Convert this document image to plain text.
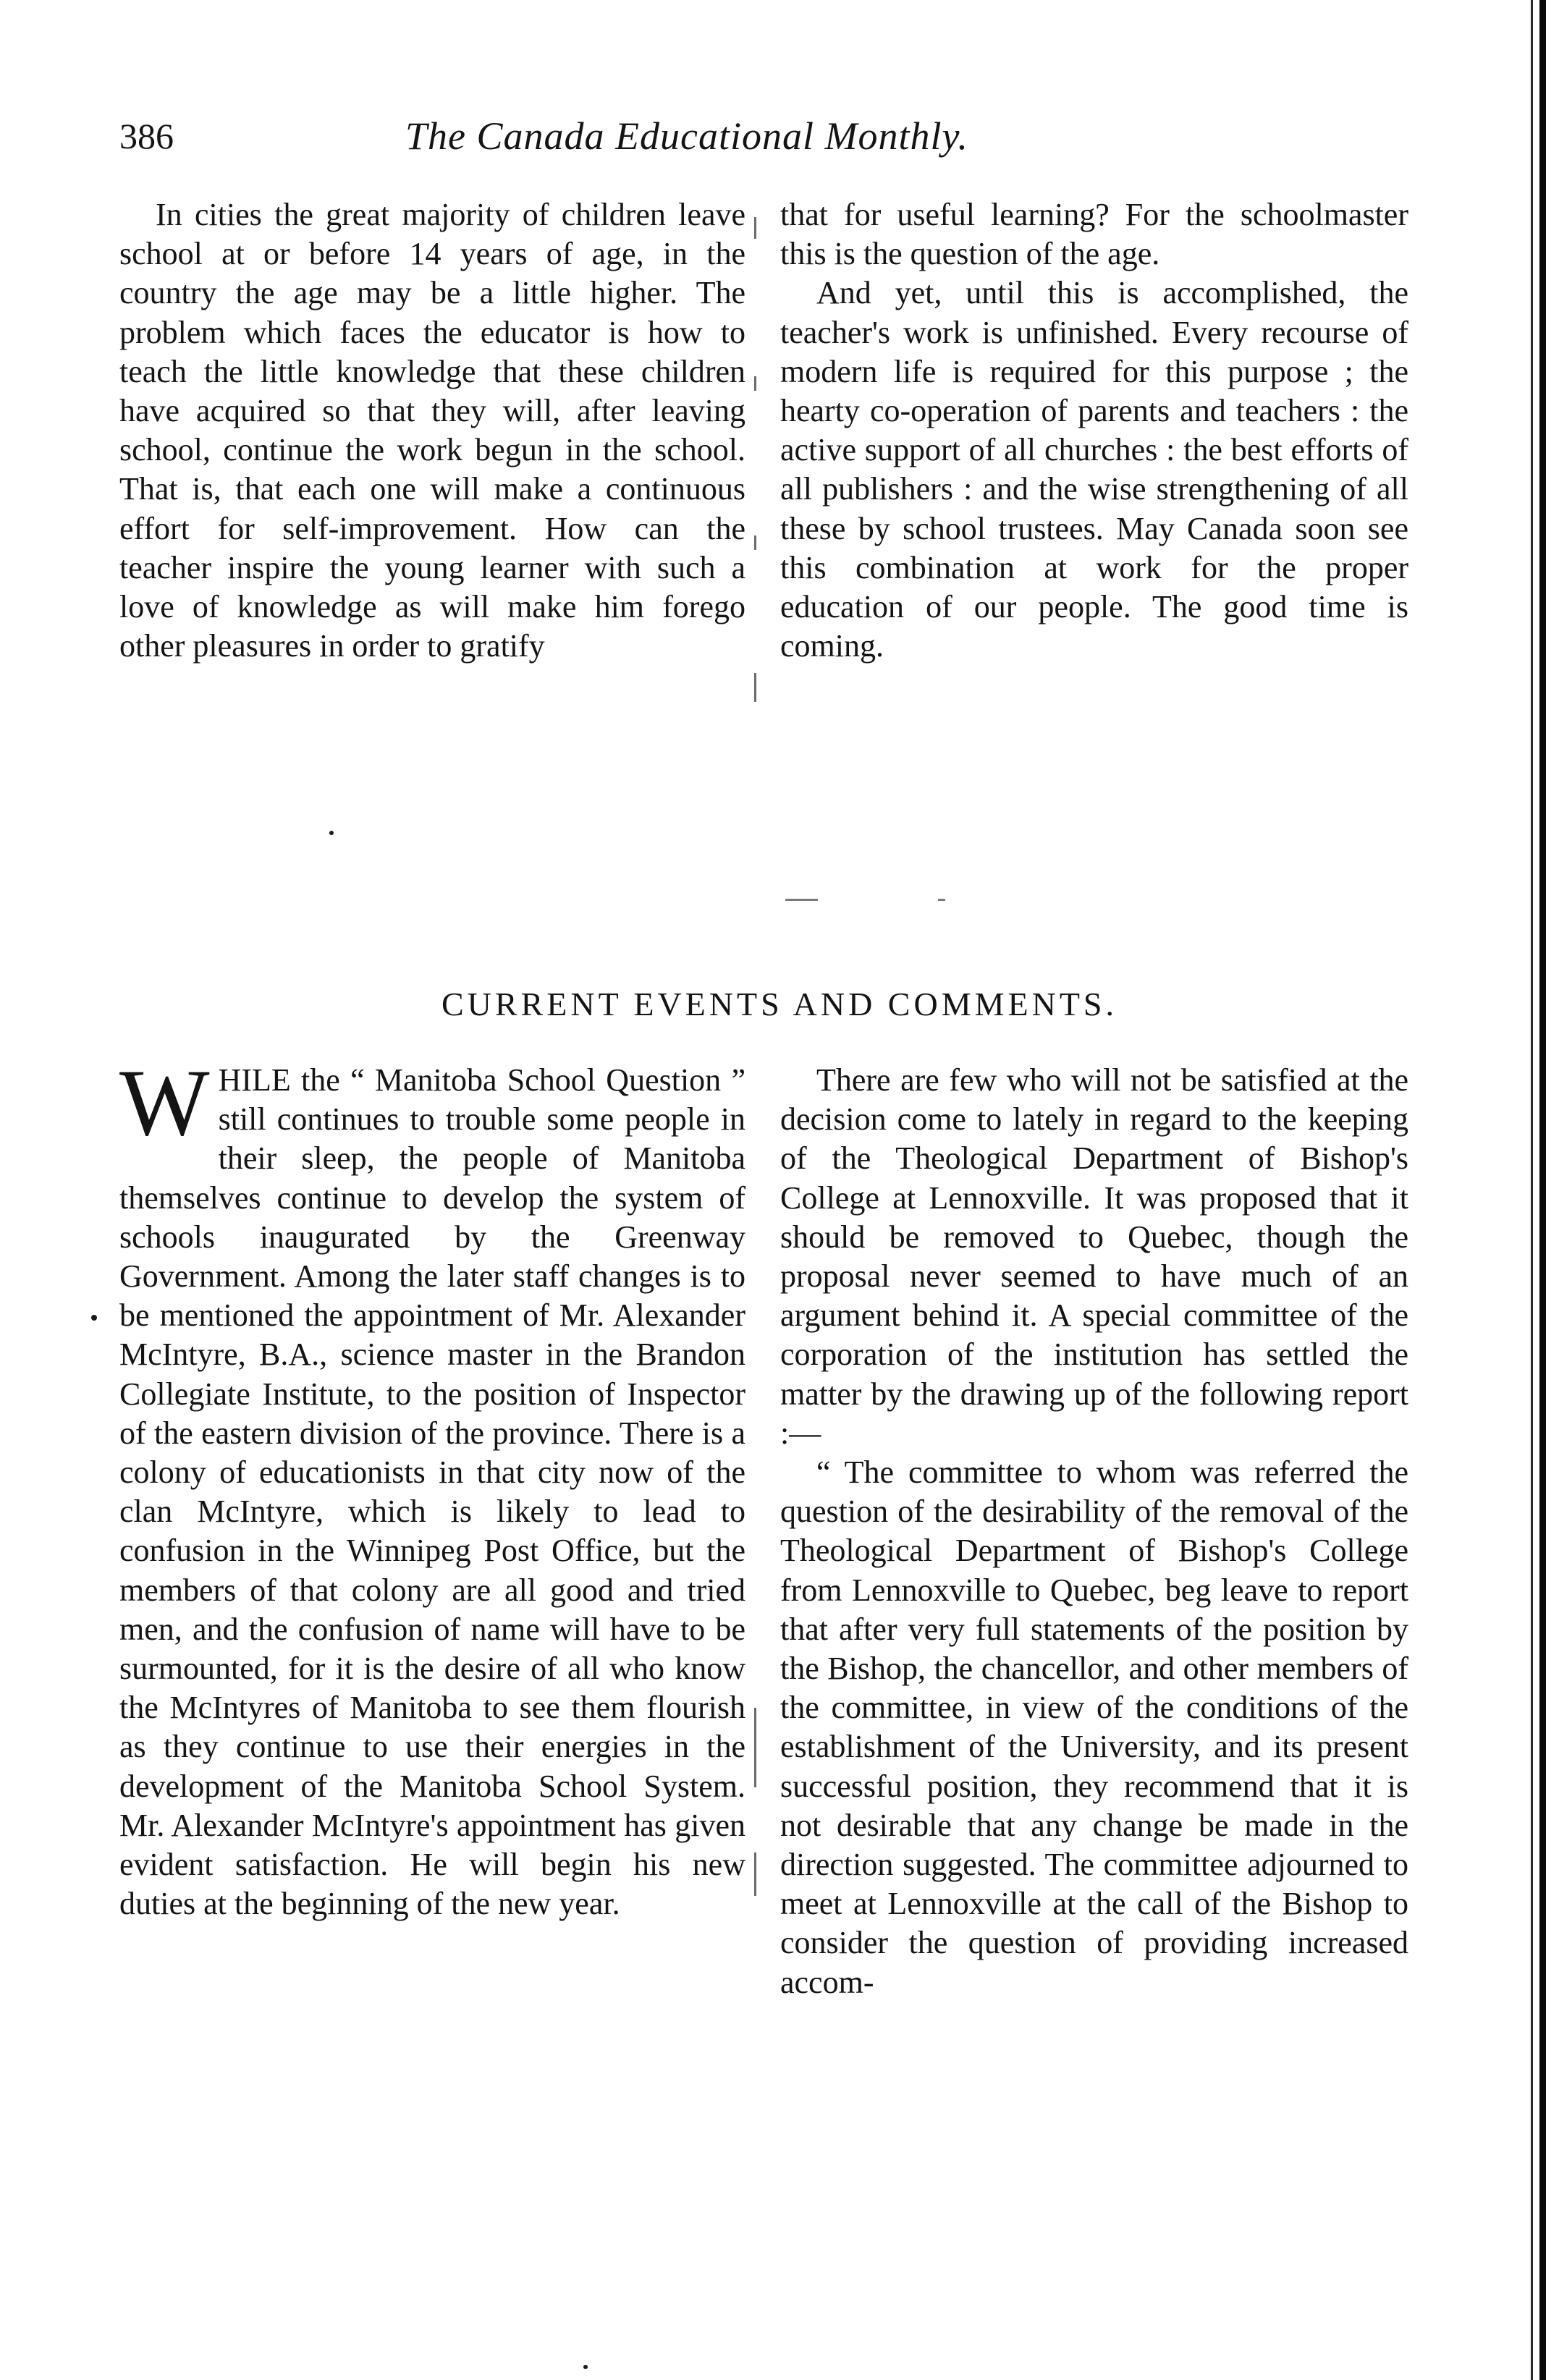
386	The Canada Educational Monthly.

In cities the great majority of children leave school at or before 14 years of age, in the country the age may be a little higher. The problem which faces the educator is how to teach the little knowledge that these children have acquired so that they will, after leaving school, continue the work begun in the school. That is, that each one will make a continuous effort for self-improvement. How can the teacher inspire the young learner with such a love of knowledge as will make him forego other pleasures in order to gratify

that for useful learning? For the schoolmaster this is the question of the age.

And yet, until this is accomplished, the teacher's work is unfinished. Every recourse of modern life is required for this purpose ; the hearty co-operation of parents and teachers : the active support of all churches : the best efforts of all publishers : and the wise strengthening of all these by school trustees. May Canada soon see this combination at work for the proper education of our people. The good time is coming.

CURRENT EVENTS AND COMMENTS.

W HILE the “ Manitoba School Question ” still continues to trouble some people in their sleep, the people of Manitoba themselves continue to develop the system of schools inaugurated by the Greenway Government. Among the later staff changes is to be mentioned the appointment of Mr. Alexander McIntyre, B.A., science master in the Brandon Collegiate Institute, to the position of Inspector of the eastern division of the province. There is a colony of educationists in that city now of the clan McIntyre, which is likely to lead to confusion in the Winnipeg Post Office, but the members of that colony are all good and tried men, and the confusion of name will have to be surmounted, for it is the desire of all who know the McIntyres of Manitoba to see them flourish as they continue to use their energies in the development of the Manitoba School System. Mr. Alexander McIntyre's appointment has given evident satisfaction. He will begin his new duties at the beginning of the new year.

There are few who will not be satisfied at the decision come to lately in regard to the keeping of the Theological Department of Bishop's College at Lennoxville. It was proposed that it should be removed to Quebec, though the proposal never seemed to have much of an argument behind it. A special committee of the corporation of the institution has settled the matter by the drawing up of the following report :—

“ The committee to whom was referred the question of the desirability of the removal of the Theological Department of Bishop's College from Lennoxville to Quebec, beg leave to report that after very full statements of the position by the Bishop, the chancellor, and other members of the committee, in view of the conditions of the establishment of the University, and its present successful position, they recommend that it is not desirable that any change be made in the direction suggested. The committee adjourned to meet at Lennoxville at the call of the Bishop to consider the question of providing increased accom-
